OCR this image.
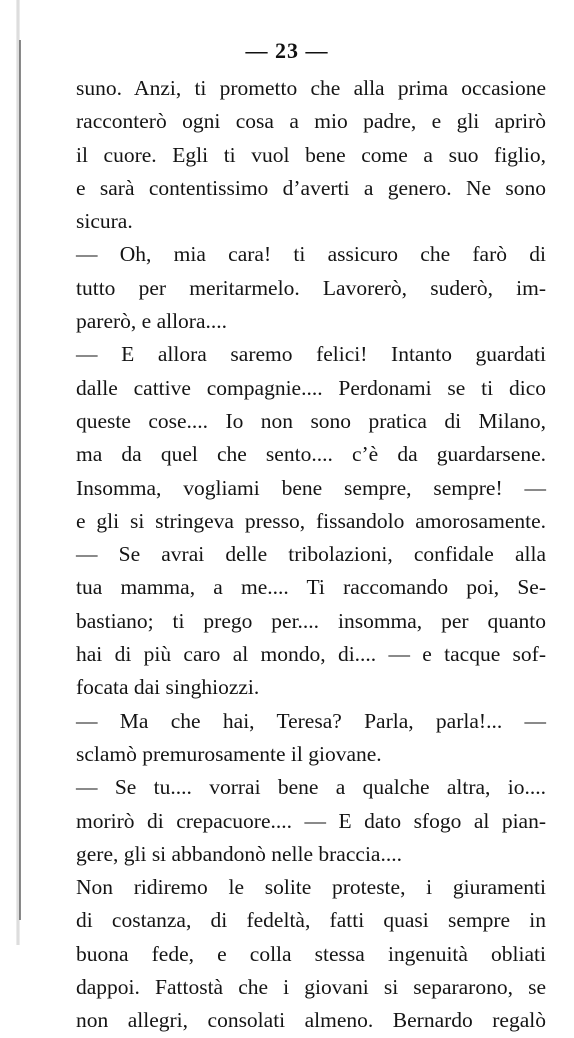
— 23 —
suno. Anzi, ti prometto che alla prima occasione
racconterò ogni cosa a mio padre, e gli aprirò
il cuore. Egli ti vuol bene come a suo figlio,
e sarà contentissimo d’averti a genero. Ne sono
sicura.
— Oh, mia cara! ti assicuro che farò di
tutto per meritarmelo. Lavorerò, suderò, im-
parerò, e allora....
— E allora saremo felici! Intanto guardati
dalle cattive compagnie.... Perdonami se ti dico
queste cose.... Io non sono pratica di Milano,
ma da quel che sento.... c’è da guardarsene.
Insomma, vogliami bene sempre, sempre! —
e gli si stringeva presso, fissandolo amorosamente.
— Se avrai delle tribolazioni, confidale alla
tua mamma, a me.... Ti raccomando poi, Se-
bastiano; ti prego per.... insomma, per quanto
hai di più caro al mondo, di.... — e tacque sof-
focata dai singhiozzi.
— Ma che hai, Teresa? Parla, parla!... —
sclamò premurosamente il giovane.
— Se tu.... vorrai bene a qualche altra, io....
morirò di crepacuore.... — E dato sfogo al pian-
gere, gli si abbandonò nelle braccia....
Non ridiremo le solite proteste, i giuramenti
di costanza, di fedeltà, fatti quasi sempre in
buona fede, e colla stessa ingenuità obliati
dappoi. Fattostà che i giovani si separarono, se
non allegri, consolati almeno. Bernardo regalò
